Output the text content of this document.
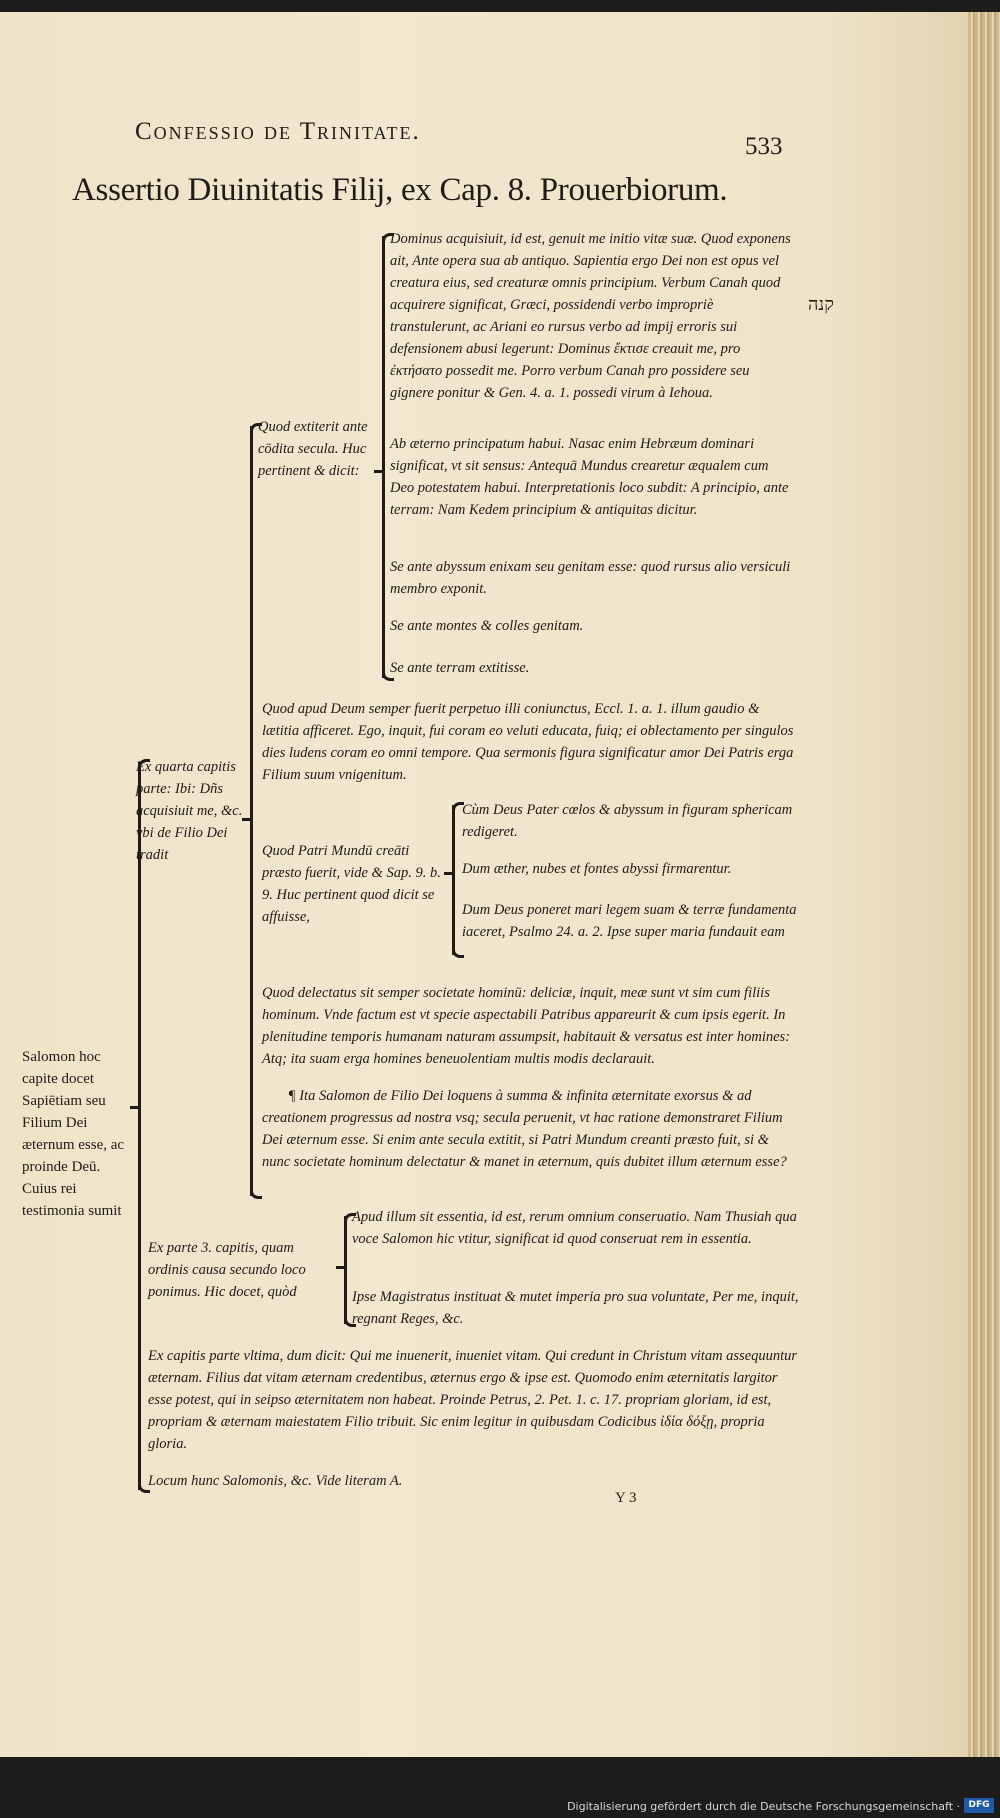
Confessio de Trinitate.
533
Assertio Diuinitatis Filij, ex Cap. 8. Prouerbiorum.
Salomon hoc capite docet Sapiētiam seu Filium Dei æternum esse, ac proinde Deū. Cuius rei testimonia sumit
Ex quarta capitis parte: Ibi: Dñs acquisiuit me, &c. vbi de Filio Dei tradit
Quod extiterit ante cōdita secula. Huc pertinent & dicit:
Dominus acquisiuit, id est, genuit me initio vitæ suæ. Quod exponens ait, Ante opera sua ab antiquo. Sapientia ergo Dei non est opus vel creatura eius, sed creaturæ omnis principium. Verbum Canah quod acquirere significat, Græci, possidendi verbo impropriè transtulerunt, ac Ariani eo rursus verbo ad impij erroris sui defensionem abusi legerunt: Dominus ἔκτισε creauit me, pro ἐκτήσατο possedit me. Porro verbum Canah pro possidere seu gignere ponitur & Gen. 4. a. 1. possedi virum à Iehoua.
Ab æterno principatum habui. Nasac enim Hebræum dominari significat, vt sit sensus: Antequā Mundus crearetur æqualem cum Deo potestatem habui. Interpretationis loco subdit: A principio, ante terram: Nam Kedem principium & antiquitas dicitur.
Se ante abyssum enixam seu genitam esse: quod rursus alio versiculi membro exponit.
Se ante montes & colles genitam.
Se ante terram extitisse.
Quod apud Deum semper fuerit perpetuo illi coniunctus, Eccl. 1. a. 1. illum gaudio & lætitia afficeret. Ego, inquit, fui coram eo veluti educata, fuiq; ei oblectamento per singulos dies ludens coram eo omni tempore. Qua sermonis figura significatur amor Dei Patris erga Filium suum vnigenitum.
Quod Patri Mundū creāti præsto fuerit, vide & Sap. 9. b. 9. Huc pertinent quod dicit se affuisse,
Cùm Deus Pater cœlos & abyssum in figuram sphericam redigeret.
Dum æther, nubes et fontes abyssi firmarentur.
Dum Deus poneret mari legem suam & terræ fundamenta iaceret, Psalmo 24. a. 2. Ipse super maria fundauit eam
Quod delectatus sit semper societate hominū: deliciæ, inquit, meæ sunt vt sim cum filiis hominum. Vnde factum est vt specie aspectabili Patribus appareurit & cum ipsis egerit. In plenitudine temporis humanam naturam assumpsit, habitauit & versatus est inter homines: Atq; ita suam erga homines beneuolentiam multis modis declarauit.
¶ Ita Salomon de Filio Dei loquens à summa & infinita æternitate exorsus & ad creationem progressus ad nostra vsq; secula peruenit, vt hac ratione demonstraret Filium Dei æternum esse. Si enim ante secula extitit, si Patri Mundum creanti præsto fuit, si & nunc societate hominum delectatur & manet in æternum, quis dubitet illum æternum esse?
Ex parte 3. capitis, quam ordinis causa secundo loco ponimus. Hic docet, quòd
Apud illum sit essentia, id est, rerum omnium conseruatio. Nam Thusiah qua voce Salomon hic vtitur, significat id quod conseruat rem in essentia.
Ipse Magistratus instituat & mutet imperia pro sua voluntate, Per me, inquit, regnant Reges, &c.
Ex capitis parte vltima, dum dicit: Qui me inuenerit, inueniet vitam. Qui credunt in Christum vitam assequuntur æternam. Filius dat vitam æternam credentibus, æternus ergo & ipse est. Quomodo enim æternitatis largitor esse potest, qui in seipso æternitatem non habeat. Proinde Petrus, 2. Pet. 1. c. 17. propriam gloriam, id est, propriam & æternam maiestatem Filio tribuit. Sic enim legitur in quibusdam Codicibus ἰδία δόξῃ, propria gloria.
Locum hunc Salomonis, &c. Vide literam A.
קנה
Y 3
Digitalisierung gefördert durch die Deutsche Forschungsgemeinschaft · DFG
